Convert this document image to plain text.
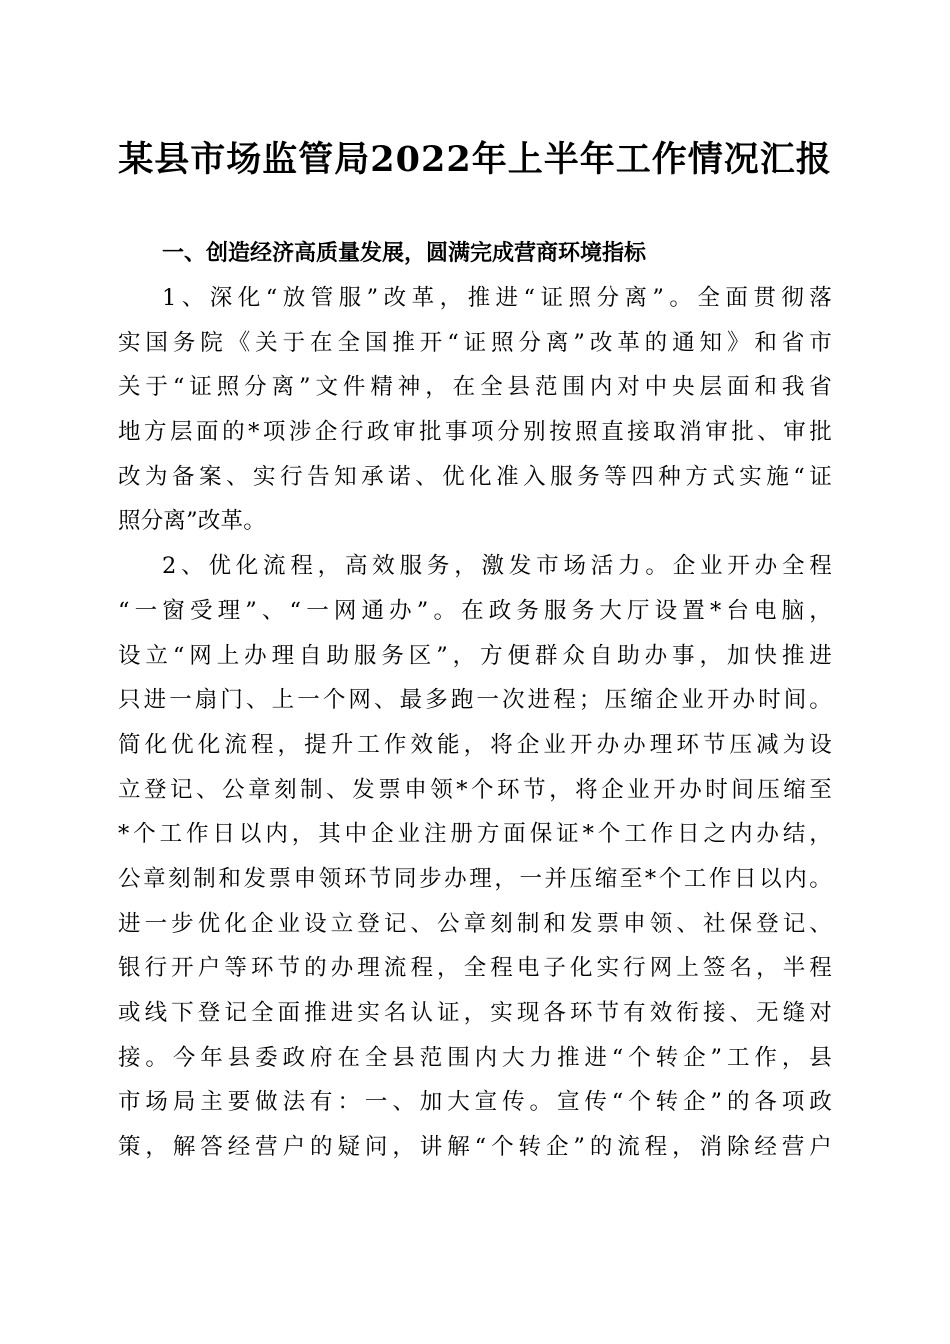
某县市场监管局2022年上半年工作情况汇报

一、创造经济高质量发展，圆满完成营商环境指标

1、深化“放管服”改革，推进“证照分离”。全面贯彻落

实国务院《关于在全国推开“证照分离”改革的通知》和省市

关于“证照分离”文件精神，在全县范围内对中央层面和我省

地方层面的*项涉企行政审批事项分别按照直接取消审批、审批

改为备案、实行告知承诺、优化准入服务等四种方式实施“证

照分离”改革。

2、优化流程，高效服务，激发市场活力。企业开办全程

“一窗受理”、“一网通办”。在政务服务大厅设置*台电脑，

设立“网上办理自助服务区”，方便群众自助办事，加快推进

只进一扇门、上一个网、最多跑一次进程；压缩企业开办时间。

简化优化流程，提升工作效能，将企业开办办理环节压减为设

立登记、公章刻制、发票申领*个环节，将企业开办时间压缩至

*个工作日以内，其中企业注册方面保证*个工作日之内办结，

公章刻制和发票申领环节同步办理，一并压缩至*个工作日以内。

进一步优化企业设立登记、公章刻制和发票申领、社保登记、

银行开户等环节的办理流程，全程电子化实行网上签名，半程

或线下登记全面推进实名认证，实现各环节有效衔接、无缝对

接。今年县委政府在全县范围内大力推进“个转企”工作，县

市场局主要做法有：一、加大宣传。宣传“个转企”的各项政

策，解答经营户的疑问，讲解“个转企”的流程，消除经营户
